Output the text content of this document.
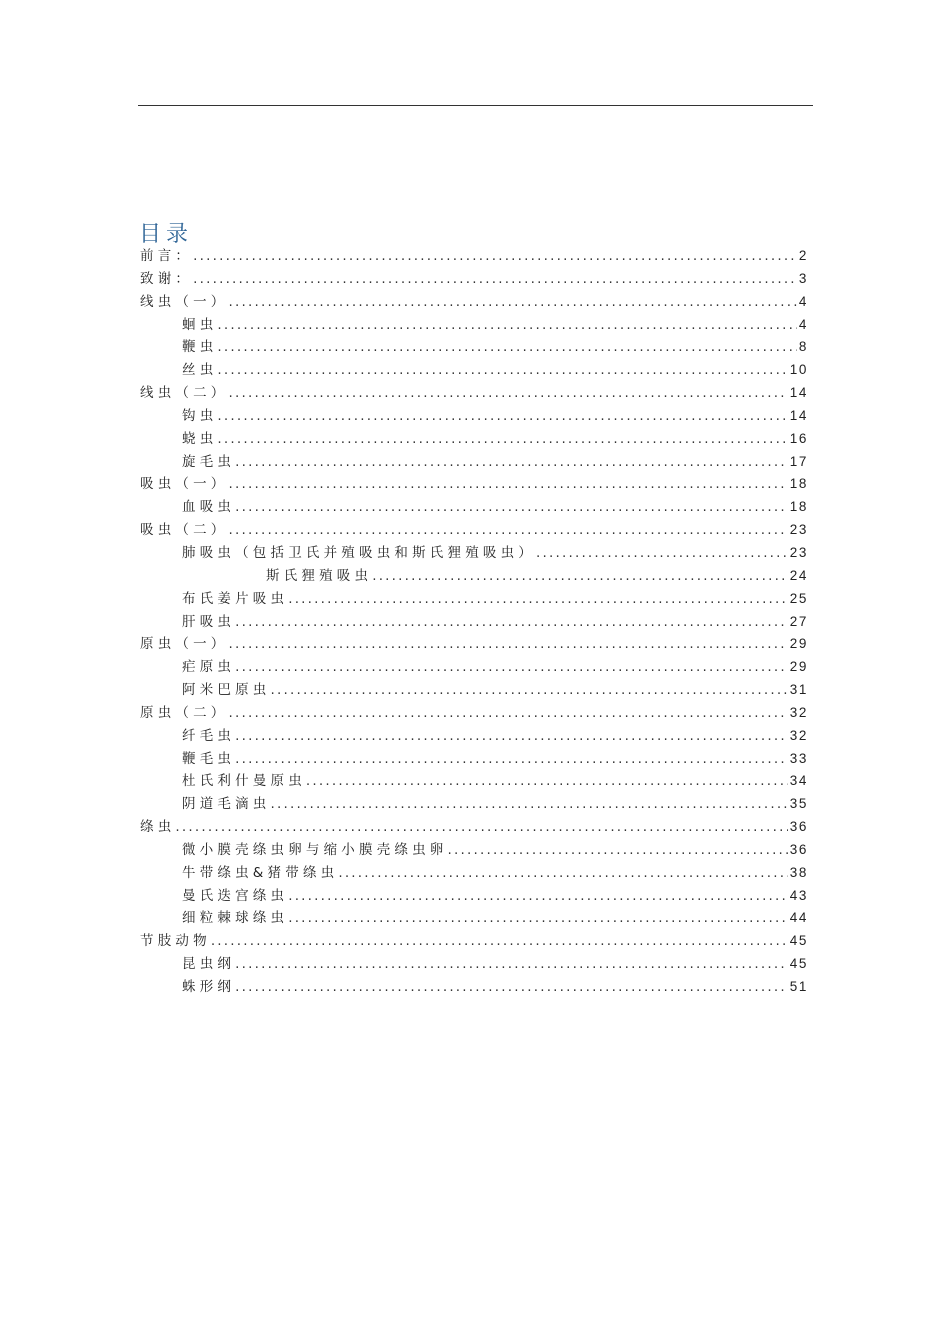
目录
前言： .....	2
致谢： .....	3
线虫（一） .....	4
蛔虫 .....	4
鞭虫 .....	8
丝虫 .....	10
线虫（二） .....	14
钩虫 .....	14
蛲虫 .....	16
旋毛虫 .....	17
吸虫（一） .....	18
血吸虫 .....	18
吸虫（二） .....	23
肺吸虫（包括卫氏并殖吸虫和斯氏狸殖吸虫） .....	23
斯氏狸殖吸虫 .....	24
布氏姜片吸虫 .....	25
肝吸虫 .....	27
原虫（一） .....	29
疟原虫 .....	29
阿米巴原虫 .....	31
原虫（二） .....	32
纤毛虫 .....	32
鞭毛虫 .....	33
杜氏利什曼原虫 .....	34
阴道毛滴虫 .....	35
绦虫 .....	36
微小膜壳绦虫卵与缩小膜壳绦虫卵 .....	36
牛带绦虫&猪带绦虫 .....	38
曼氏迭宫绦虫 .....	43
细粒棘球绦虫 .....	44
节肢动物 .....	45
昆虫纲 .....	45
蛛形纲 .....	51
